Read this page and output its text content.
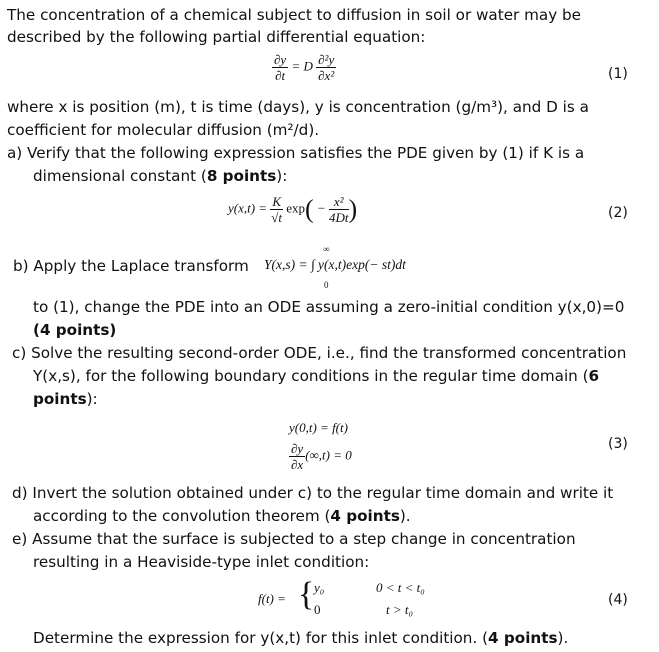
The concentration of a chemical subject to diffusion in soil or water may be
described by the following partial differential equation:
$\frac{\partial y}{\partial t} = D \frac{\text{∂²y}}{\text{∂x²}}$	(1)
where x is position (m), t is time (days), y is concentration (g/m³), and D is a
coefficient for molecular diffusion (m²/d).
a) Verify that the following expression satisfies the PDE given by (1) if K is a
dimensional constant (8 points):
$y(x,t) = \frac{K}{√t} \exp( - \frac{\text{x²}}{4Dt}$ )	(2)
b) Apply the Laplace transform Y(x,s) = ∫ y(x,t)exp(− st)dt
∞
0
to (1), change the PDE into an ODE assuming a zero-initial condition y(x,0)=0
(4 points)
c) Solve the resulting second-order ODE, i.e., find the transformed concentration
Y(x,s), for the following boundary conditions in the regular time domain (6
points):
y(0,t) = f(t)
$\frac{\partial y}{\partial x} (\infty,t) = 0$
(3)
d) Invert the solution obtained under c) to the regular time domain and write it
according to the convolution theorem (4 points).
e) Assume that the surface is subjected to a step change in concentration
resulting in a Heaviside-type inlet condition:
f(t) = { y₀	0 < t < t₀
0	t > t₀
(4)
Determine the expression for y(x,t) for this inlet condition. (4 points).
